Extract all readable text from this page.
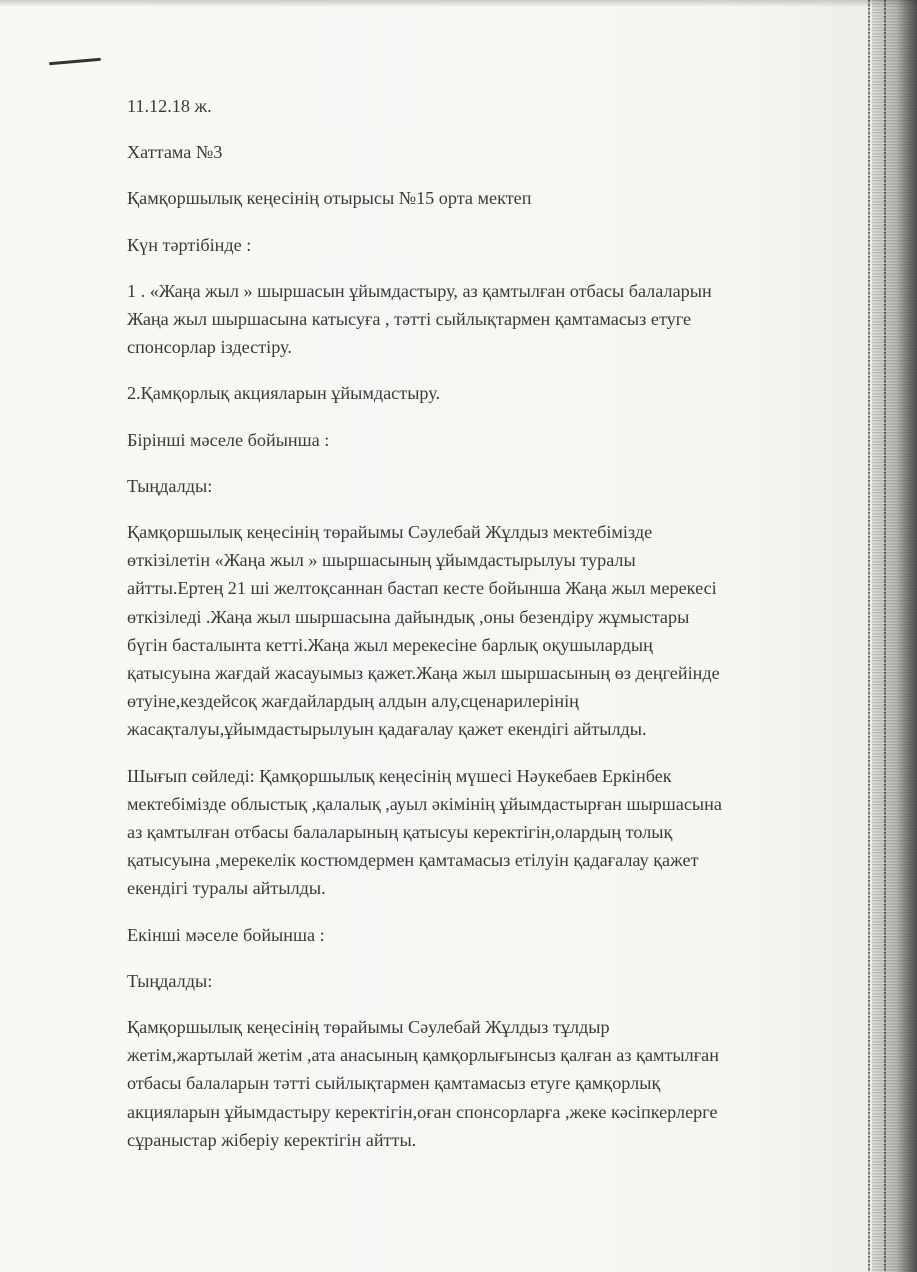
11.12.18 ж.

Хаттама №3

Қамқоршылық кеңесінің отырысы №15 орта мектеп

Күн тәртібінде :

1 . «Жаңа жыл » шыршасын ұйымдастыру, аз қамтылған отбасы балаларын
Жаңа жыл шыршасына катысуға , тәтті сыйлықтармен қамтамасыз етуге
спонсорлар іздестіру.

2.Қамқорлық акцияларын ұйымдастыру.

Бірінші мәселе бойынша :

Тыңдалды:

Қамқоршылық кеңесінің төрайымы Сәулебай Жұлдыз мектебімізде
өткізілетін «Жаңа жыл » шыршасының ұйымдастырылуы туралы
айтты.Ертең 21 ші желтоқсаннан бастап кесте бойынша Жаңа жыл мерекесі
өткізіледі .Жаңа жыл шыршасына дайындық ,оны безендіру жұмыстары
бүгін басталынта кетті.Жаңа жыл мерекесіне барлық оқушылардың
қатысуына жағдай жасауымыз қажет.Жаңа жыл шыршасының өз деңгейінде
өтуіне,кездейсоқ жағдайлардың алдын алу,сценарилерінің
жасақталуы,ұйымдастырылуын қадағалау қажет екендігі айтылды.

Шығып сөйледі: Қамқоршылық кеңесінің мүшесі Нәукебаев Еркінбек
мектебімізде облыстық ,қалалық ,ауыл әкімінің ұйымдастырған шыршасына
аз қамтылған отбасы балаларының қатысуы керектігін,олардың толық
қатысуына ,мерекелік костюмдермен қамтамасыз етілуін қадағалау қажет
екендігі туралы айтылды.

Екінші мәселе бойынша :

Тыңдалды:

Қамқоршылық кеңесінің төрайымы Сәулебай Жұлдыз тұлдыр
жетім,жартылай жетім ,ата анасының қамқорлығынсыз қалған аз қамтылған
отбасы балаларын тәтті сыйлықтармен қамтамасыз етуге қамқорлық
акцияларын ұйымдастыру керектігін,оған спонсорларға ,жеке кәсіпкерлерге
сұраныстар жіберіу керектігін айтты.
